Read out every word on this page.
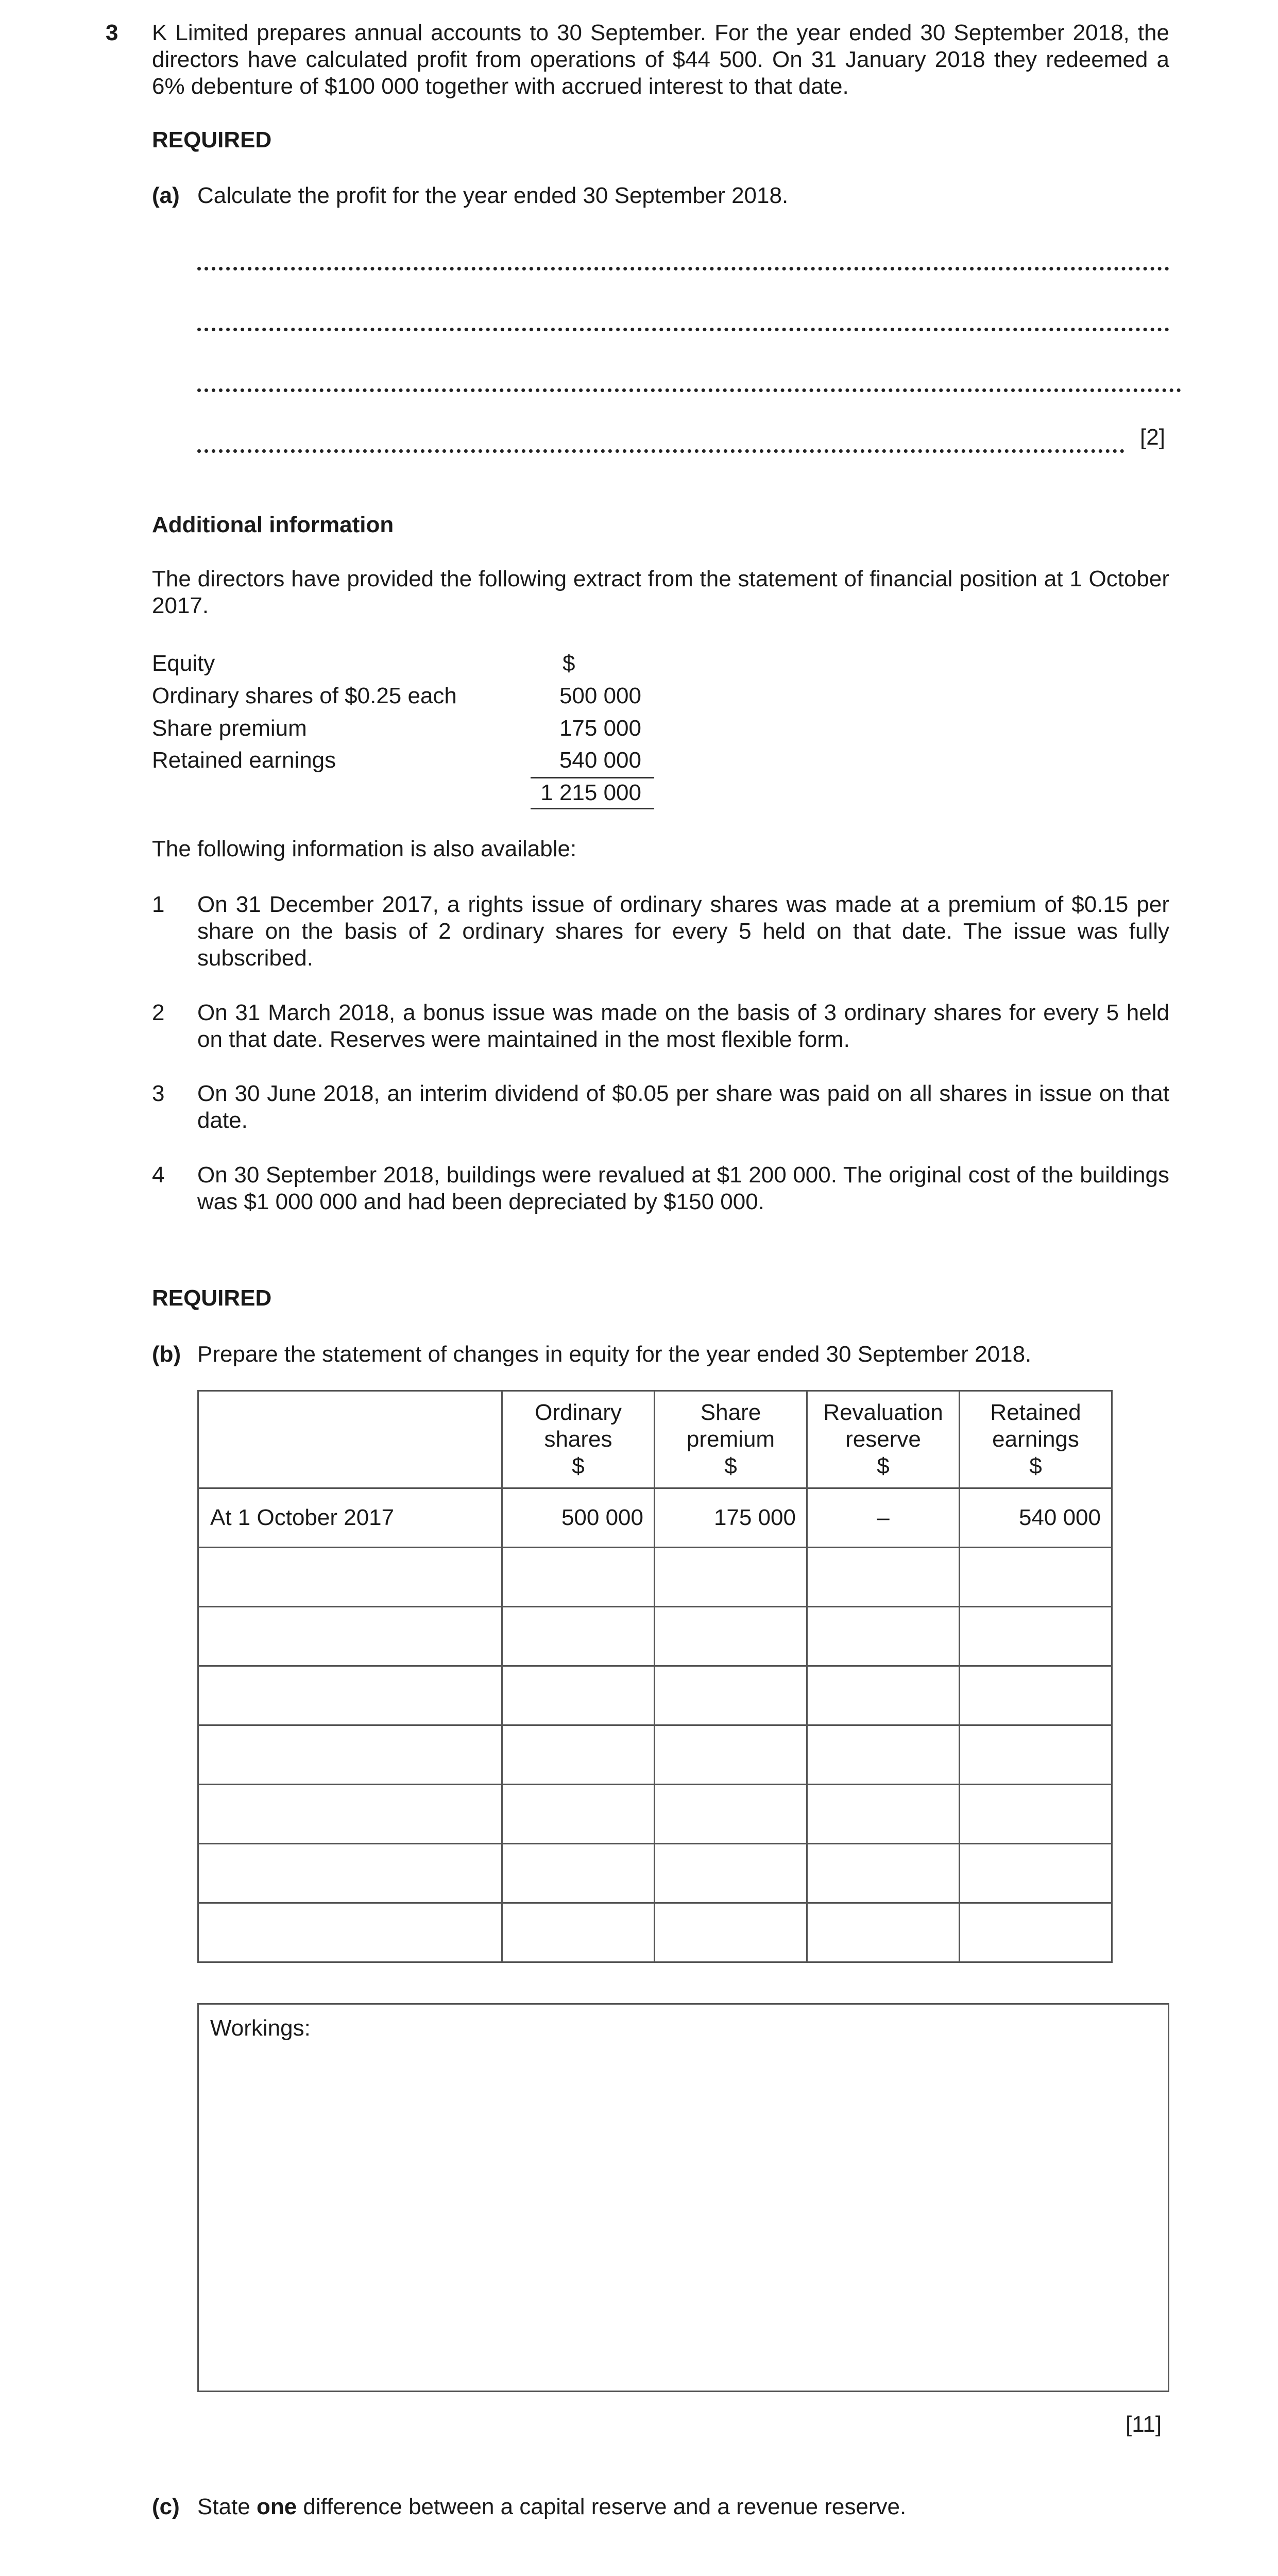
3 K Limited prepares annual accounts to 30 September. For the year ended 30 September 2018, the directors have calculated profit from operations of $44 500. On 31 January 2018 they redeemed a 6% debenture of $100 000 together with accrued interest to that date.
REQUIRED
(a) Calculate the profit for the year ended 30 September 2018.
[2]
Additional information
The directors have provided the following extract from the statement of financial position at 1 October 2017.
Equity	$
Ordinary shares of $0.25 each	500 000
Share premium	175 000
Retained earnings	540 000
1 215 000
The following information is also available:
1 On 31 December 2017, a rights issue of ordinary shares was made at a premium of $0.15 per share on the basis of 2 ordinary shares for every 5 held on that date. The issue was fully subscribed.
2 On 31 March 2018, a bonus issue was made on the basis of 3 ordinary shares for every 5 held on that date. Reserves were maintained in the most flexible form.
3 On 30 June 2018, an interim dividend of $0.05 per share was paid on all shares in issue on that date.
4 On 30 September 2018, buildings were revalued at $1 200 000. The original cost of the buildings was $1 000 000 and had been depreciated by $150 000.
REQUIRED
(b) Prepare the statement of changes in equity for the year ended 30 September 2018.
	Ordinary
shares
$	Share
premium
$	Revaluation
reserve
$	Retained
earnings
$
At 1 October 2017	500 000	175 000	–	540 000

Workings:
[11]
(c) State one difference between a capital reserve and a revenue reserve.
